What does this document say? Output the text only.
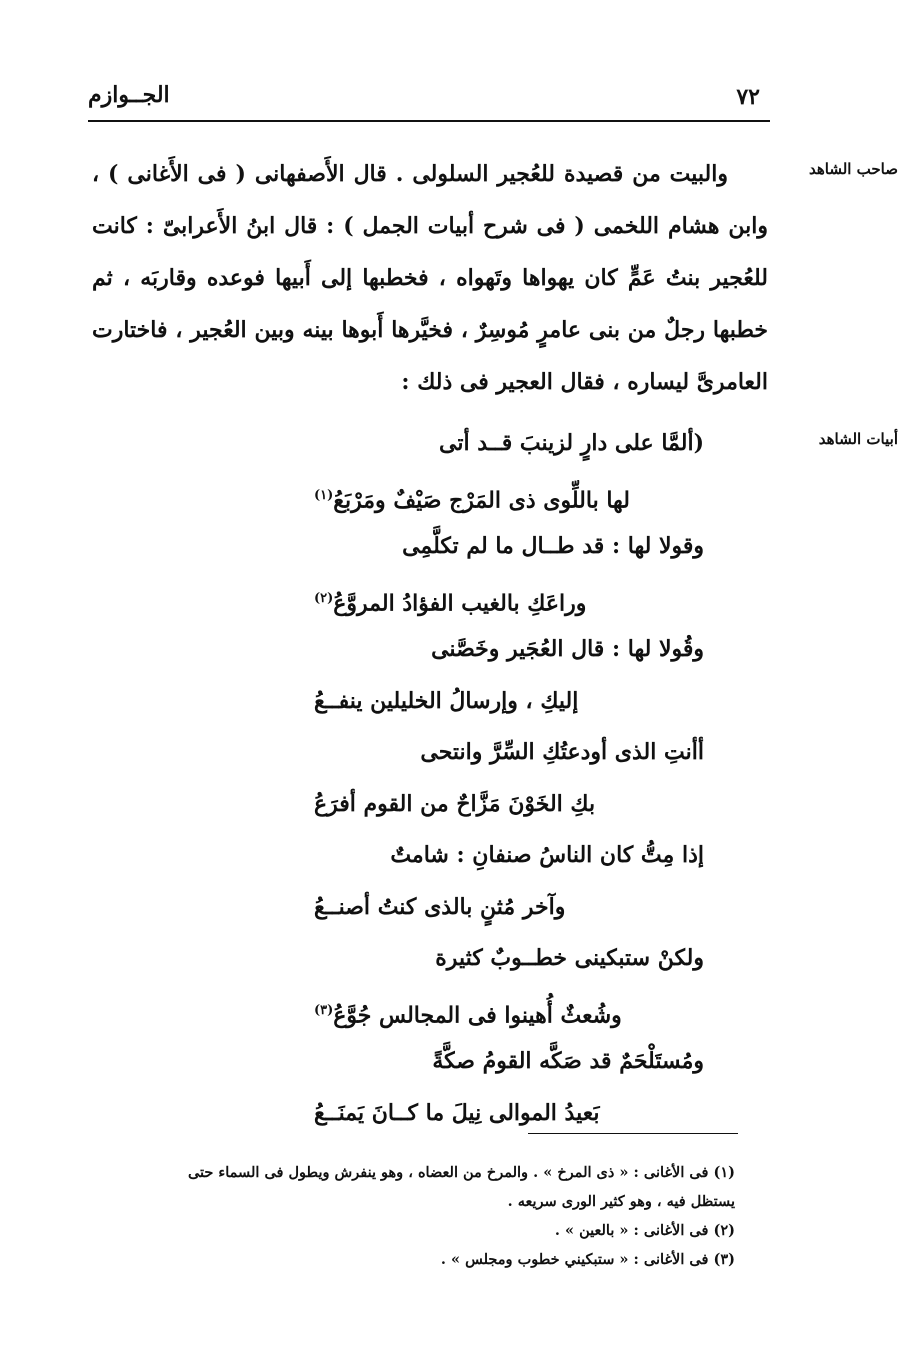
٧٢
الجــوازم
صاحب الشاهد
أبيات الشاهد

والبيت من قصيدة للعُجير السلولى . قال الأَصفهانى ( فى الأَغانى ) ، وابن هشام اللخمى ( فى شرح أبيات الجمل ) : قال ابنُ الأَعرابىّ : كانت للعُجير بنتُ عَمٍّ كان يهواها وتَهواه ، فخطبها إلى أَبيها فوعده وقاربَه ، ثم خطبها رجلٌ من بنى عامرٍ مُوسِرٌ ، فخيَّرها أَبوها بينه وبين العُجير ، فاختارت العامرىَّ ليساره ، فقال العجير فى ذلك :

(ألمَّا على دارٍ لزينبَ قــد أتى
لها باللِّوى ذى المَرْج صَيْفٌ ومَرْبَعُ$^{(١)}$
وقولا لها : قد طــال ما لم تكلَّمِى
وراعَكِ بالغيب الفؤادُ المروَّعُ$^{(٢)}$
وقُولا لها : قال العُجَير وخَصَّنى
إليكِ ، وإرسالُ الخليلين ينفــعُ
أأنتِ الذى أودعتُكِ السِّرَّ وانتحى
بكِ الخَوْنَ مَزَّاحٌ من القوم أفرَعُ
إذا مِتُّ كان الناسُ صنفانِ : شامتٌ
وآخر مُثنٍ بالذى كنتُ أصنــعُ
ولكنْ ستبكينى خطــوبٌ كثيرة
وشُعثٌ أُهينوا فى المجالس جُوَّعُ$^{(٣)}$
ومُستَلْحَمٌ قد صَكَّه القومُ صكَّةً
بَعيدُ الموالى نِيلَ ما كــانَ يَمنَــعُ

(١) فى الأغانى : « ذى المرخ » . والمرخ من العضاه ، وهو ينفرش ويطول فى السماء حتى

يستظل فيه ، وهو كثير الورى سريعه .

(٢) فى الأغانى : « بالعين » .

(٣) فى الأغانى : « ستبكيني خطوب ومجلس » .
